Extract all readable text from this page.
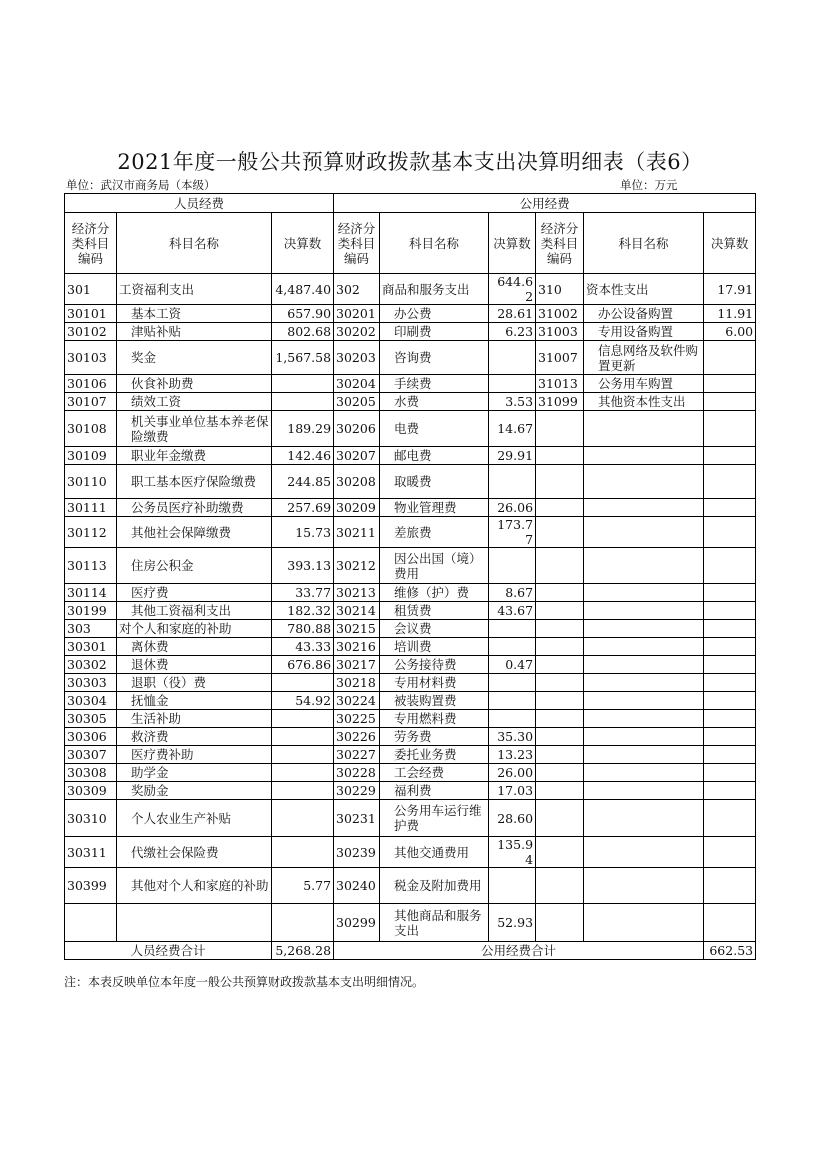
2021年度一般公共预算财政拨款基本支出决算明细表（表6）
单位：武汉市商务局（本级）	单位：万元
人员经费			公用经费					
经济分类科目编码	科目名称	决算数	经济分类科目编码	科目名称	决算数	经济分类科目编码	科目名称	决算数
301	工资福利支出	4,487.40	302	商品和服务支出	644.62	310	资本性支出	17.91
30101	基本工资	657.90	30201	办公费	28.61	31002	办公设备购置	11.91
30102	津贴补贴	802.68	30202	印刷费	6.23	31003	专用设备购置	6.00
30103	奖金	1,567.58	30203	咨询费		31007	信息网络及软件购置更新	
30106	伙食补助费		30204	手续费		31013	公务用车购置	
30107	绩效工资		30205	水费	3.53	31099	其他资本性支出	
30108	机关事业单位基本养老保险缴费	189.29	30206	电费	14.67			
30109	职业年金缴费	142.46	30207	邮电费	29.91			
30110	职工基本医疗保险缴费	244.85	30208	取暖费				
30111	公务员医疗补助缴费	257.69	30209	物业管理费	26.06			
30112	其他社会保障缴费	15.73	30211	差旅费	173.77			
30113	住房公积金	393.13	30212	因公出国（境）费用				
30114	医疗费	33.77	30213	维修（护）费	8.67			
30199	其他工资福利支出	182.32	30214	租赁费	43.67			
303	对个人和家庭的补助	780.88	30215	会议费				
30301	离休费	43.33	30216	培训费				
30302	退休费	676.86	30217	公务接待费	0.47			
30303	退职（役）费		30218	专用材料费				
30304	抚恤金	54.92	30224	被装购置费				
30305	生活补助		30225	专用燃料费				
30306	救济费		30226	劳务费	35.30			
30307	医疗费补助		30227	委托业务费	13.23			
30308	助学金		30228	工会经费	26.00			
30309	奖励金		30229	福利费	17.03			
30310	个人农业生产补贴		30231	公务用车运行维护费	28.60			
30311	代缴社会保险费		30239	其他交通费用	135.94			
30399	其他对个人和家庭的补助	5.77	30240	税金及附加费用				
			30299	其他商品和服务支出	52.93			
人员经费合计		5,268.28	公用经费合计					662.53
注：本表反映单位本年度一般公共预算财政拨款基本支出明细情况。
